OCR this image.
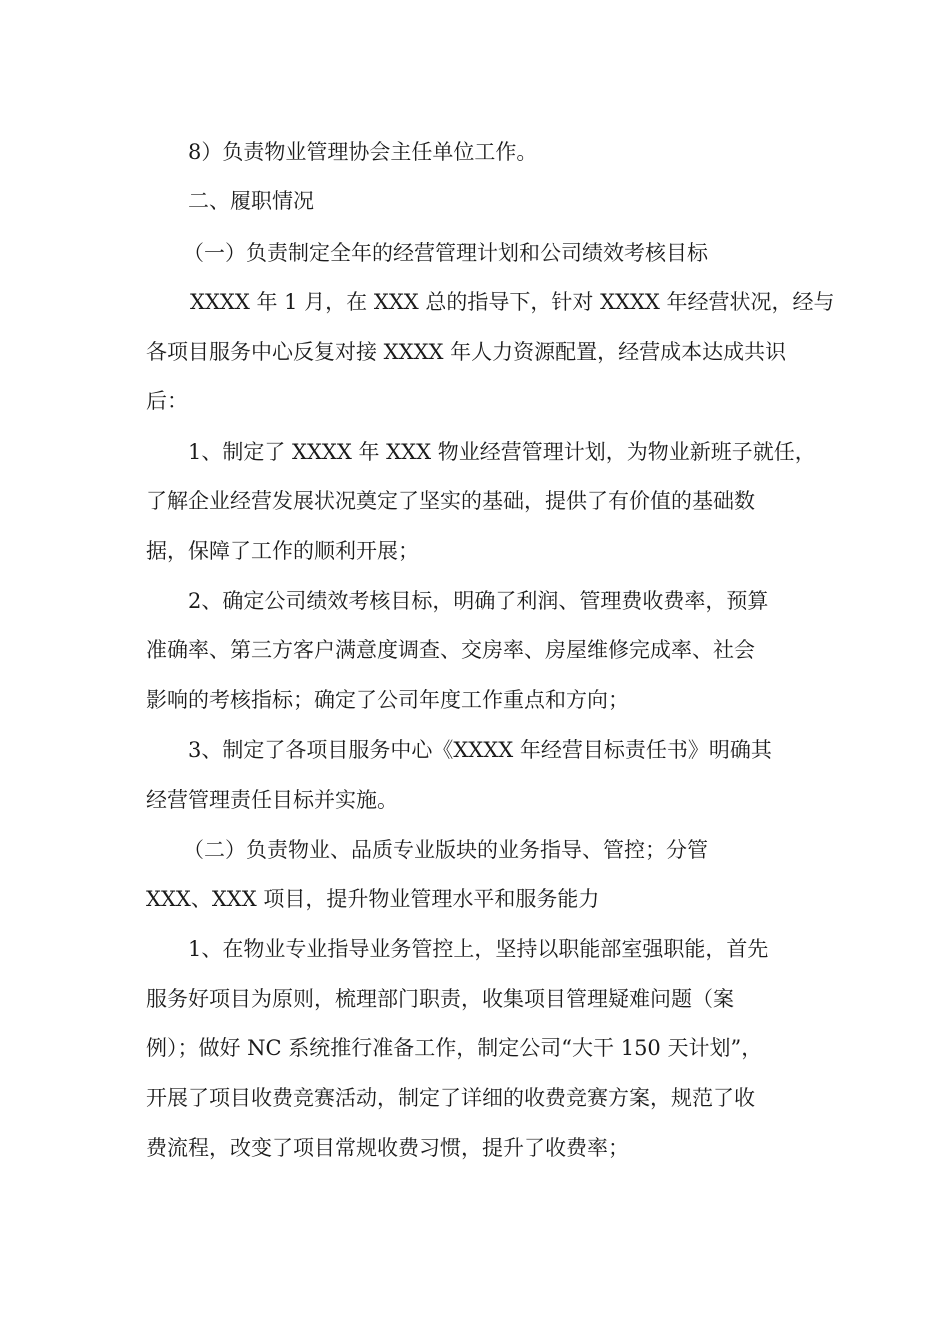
8）负责物业管理协会主任单位工作。
二、履职情况
（一）负责制定全年的经营管理计划和公司绩效考核目标
XXXX 年 1 月，在 XXX 总的指导下，针对 XXXX 年经营状况，经与
各项目服务中心反复对接 XXXX 年人力资源配置，经营成本达成共识
后：
1、制定了 XXXX 年 XXX 物业经营管理计划，为物业新班子就任，
了解企业经营发展状况奠定了坚实的基础，提供了有价值的基础数
据，保障了工作的顺利开展；
2、确定公司绩效考核目标，明确了利润、管理费收费率，预算
准确率、第三方客户满意度调查、交房率、房屋维修完成率、社会
影响的考核指标；确定了公司年度工作重点和方向；
3、制定了各项目服务中心《XXXX 年经营目标责任书》明确其
经营管理责任目标并实施。
（二）负责物业、品质专业版块的业务指导、管控；分管
XXX、XXX 项目，提升物业管理水平和服务能力
1、在物业专业指导业务管控上，坚持以职能部室强职能，首先
服务好项目为原则，梳理部门职责，收集项目管理疑难问题（案
例）；做好 NC 系统推行准备工作，制定公司“大干 150 天计划”，
开展了项目收费竞赛活动，制定了详细的收费竞赛方案，规范了收
费流程，改变了项目常规收费习惯，提升了收费率；
